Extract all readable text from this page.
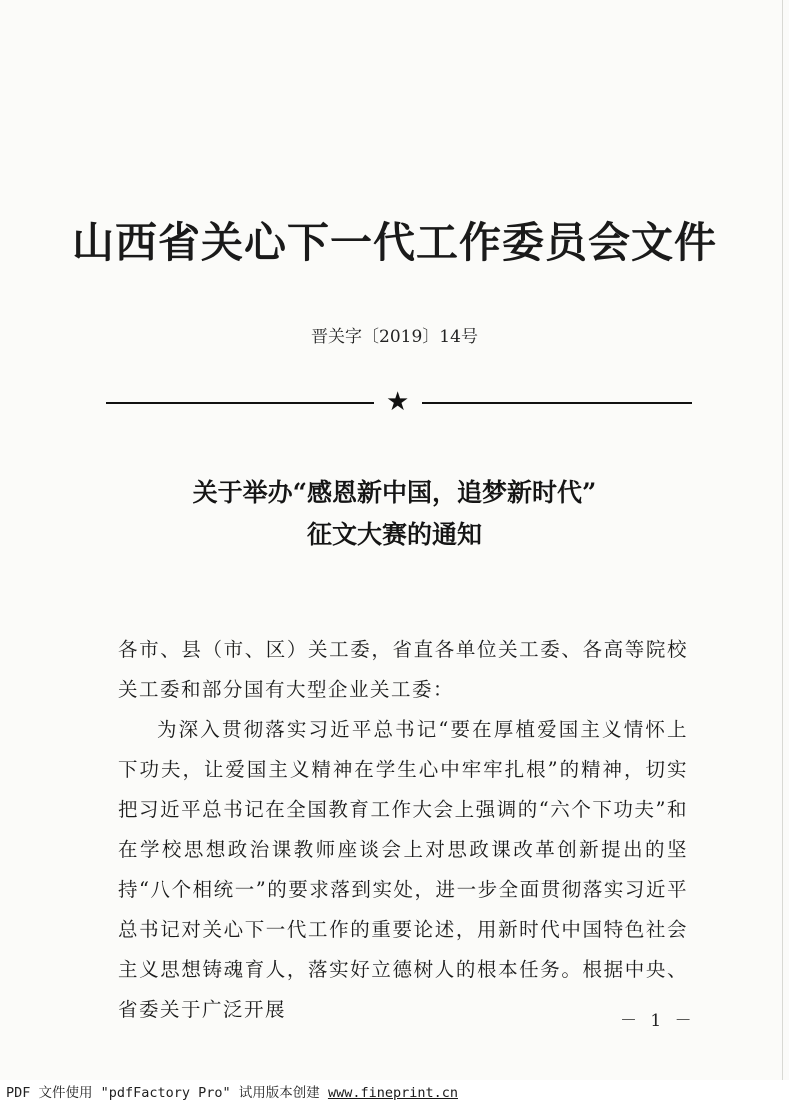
山西省关心下一代工作委员会文件
晋关字〔2019〕14号
★
关于举办“感恩新中国，追梦新时代”
征文大赛的通知

各市、县（市、区）关工委，省直各单位关工委、各高等院校关工委和部分国有大型企业关工委：

为深入贯彻落实习近平总书记“要在厚植爱国主义情怀上下功夫，让爱国主义精神在学生心中牢牢扎根”的精神，切实把习近平总书记在全国教育工作大会上强调的“六个下功夫”和在学校思想政治课教师座谈会上对思政课改革创新提出的坚持“八个相统一”的要求落到实处，进一步全面贯彻落实习近平总书记对关心下一代工作的重要论述，用新时代中国特色社会主义思想铸魂育人，落实好立德树人的根本任务。根据中央、省委关于广泛开展	－ 1 －
PDF 文件使用 "pdfFactory Pro" 试用版本创建 www.fineprint.cn
